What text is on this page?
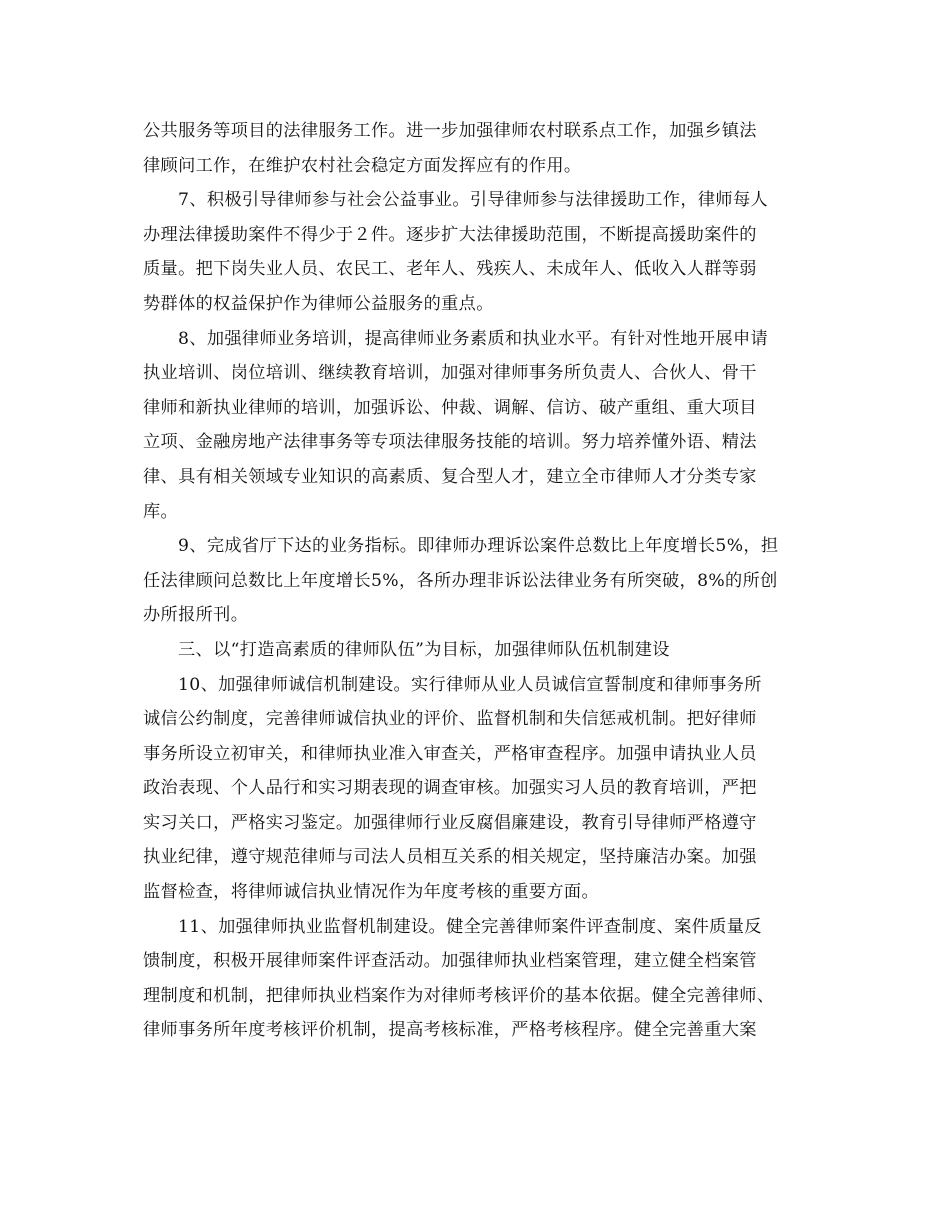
公共服务等项目的法律服务工作。进一步加强律师农村联系点工作，加强乡镇法
律顾问工作，在维护农村社会稳定方面发挥应有的作用。
7、积极引导律师参与社会公益事业。引导律师参与法律援助工作，律师每人
办理法律援助案件不得少于２件。逐步扩大法律援助范围，不断提高援助案件的
质量。把下岗失业人员、农民工、老年人、残疾人、未成年人、低收入人群等弱
势群体的权益保护作为律师公益服务的重点。
8、加强律师业务培训，提高律师业务素质和执业水平。有针对性地开展申请
执业培训、岗位培训、继续教育培训，加强对律师事务所负责人、合伙人、骨干
律师和新执业律师的培训，加强诉讼、仲裁、调解、信访、破产重组、重大项目
立项、金融房地产法律事务等专项法律服务技能的培训。努力培养懂外语、精法
律、具有相关领域专业知识的高素质、复合型人才，建立全市律师人才分类专家
库。
9、完成省厅下达的业务指标。即律师办理诉讼案件总数比上年度增长5%，担
任法律顾问总数比上年度增长5%，各所办理非诉讼法律业务有所突破，8%的所创
办所报所刊。
三、以“打造高素质的律师队伍”为目标，加强律师队伍机制建设
10、加强律师诚信机制建设。实行律师从业人员诚信宣誓制度和律师事务所
诚信公约制度，完善律师诚信执业的评价、监督机制和失信惩戒机制。把好律师
事务所设立初审关，和律师执业准入审查关，严格审查程序。加强申请执业人员
政治表现、个人品行和实习期表现的调查审核。加强实习人员的教育培训，严把
实习关口，严格实习鉴定。加强律师行业反腐倡廉建设，教育引导律师严格遵守
执业纪律，遵守规范律师与司法人员相互关系的相关规定，坚持廉洁办案。加强
监督检查，将律师诚信执业情况作为年度考核的重要方面。
11、加强律师执业监督机制建设。健全完善律师案件评查制度、案件质量反
馈制度，积极开展律师案件评查活动。加强律师执业档案管理，建立健全档案管
理制度和机制，把律师执业档案作为对律师考核评价的基本依据。健全完善律师、
律师事务所年度考核评价机制，提高考核标准，严格考核程序。健全完善重大案
